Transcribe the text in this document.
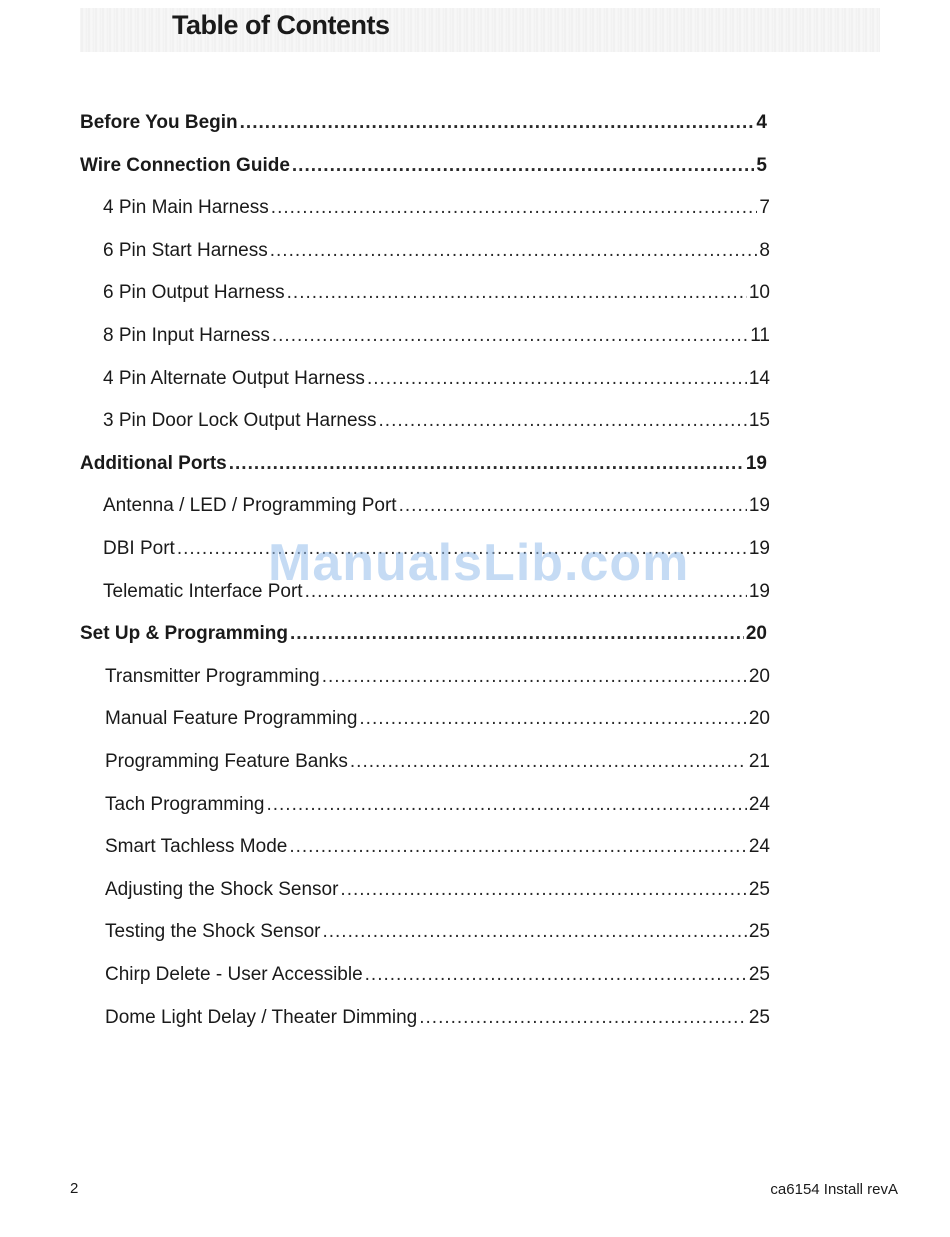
Table of Contents
Before You Begin .....	4
Wire Connection Guide .....	5
4 Pin Main Harness .....	7
6 Pin Start Harness .....	8
6 Pin Output Harness .....	10
8 Pin Input Harness .....	11
4 Pin Alternate Output Harness .....	14
3 Pin Door Lock Output Harness .....	15
Additional Ports .....	19
Antenna / LED / Programming Port .....	19
DBI Port .....	19
Telematic Interface Port .....	19
Set Up & Programming .....	20
Transmitter Programming .....	20
Manual Feature Programming .....	20
Programming Feature Banks .....	21
Tach Programming .....	24
Smart Tachless Mode .....	24
Adjusting the Shock Sensor .....	25
Testing the Shock Sensor .....	25
Chirp Delete - User Accessible .....	25
Dome Light Delay / Theater Dimming .....	25
ManualsLib.com
2	ca6154 Install revA
